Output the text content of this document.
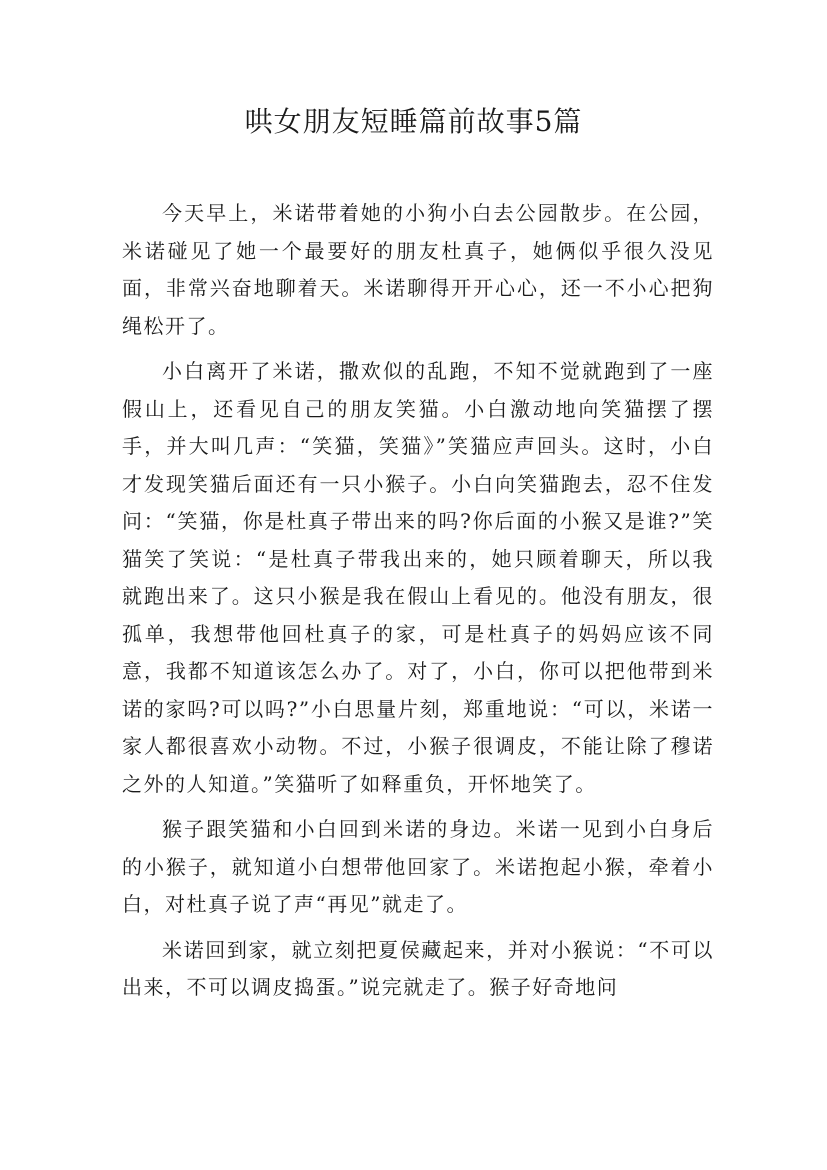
哄女朋友短睡篇前故事5篇

今天早上，米诺带着她的小狗小白去公园散步。在公园，米诺碰见了她一个最要好的朋友杜真子，她俩似乎很久没见面，非常兴奋地聊着天。米诺聊得开开心心，还一不小心把狗绳松开了。

小白离开了米诺，撒欢似的乱跑，不知不觉就跑到了一座假山上，还看见自己的朋友笑猫。小白激动地向笑猫摆了摆手，并大叫几声：“笑猫，笑猫》”笑猫应声回头。这时，小白才发现笑猫后面还有一只小猴子。小白向笑猫跑去，忍不住发问：“笑猫，你是杜真子带出来的吗?你后面的小猴又是谁?”笑猫笑了笑说：“是杜真子带我出来的，她只顾着聊天，所以我就跑出来了。这只小猴是我在假山上看见的。他没有朋友，很孤单，我想带他回杜真子的家，可是杜真子的妈妈应该不同意，我都不知道该怎么办了。对了，小白，你可以把他带到米诺的家吗?可以吗?”小白思量片刻，郑重地说：“可以，米诺一家人都很喜欢小动物。不过，小猴子很调皮，不能让除了穆诺之外的人知道。”笑猫听了如释重负，开怀地笑了。

猴子跟笑猫和小白回到米诺的身边。米诺一见到小白身后的小猴子，就知道小白想带他回家了。米诺抱起小猴，牵着小白，对杜真子说了声“再见”就走了。

米诺回到家，就立刻把夏侯藏起来，并对小猴说：“不可以出来，不可以调皮捣蛋。”说完就走了。猴子好奇地问
